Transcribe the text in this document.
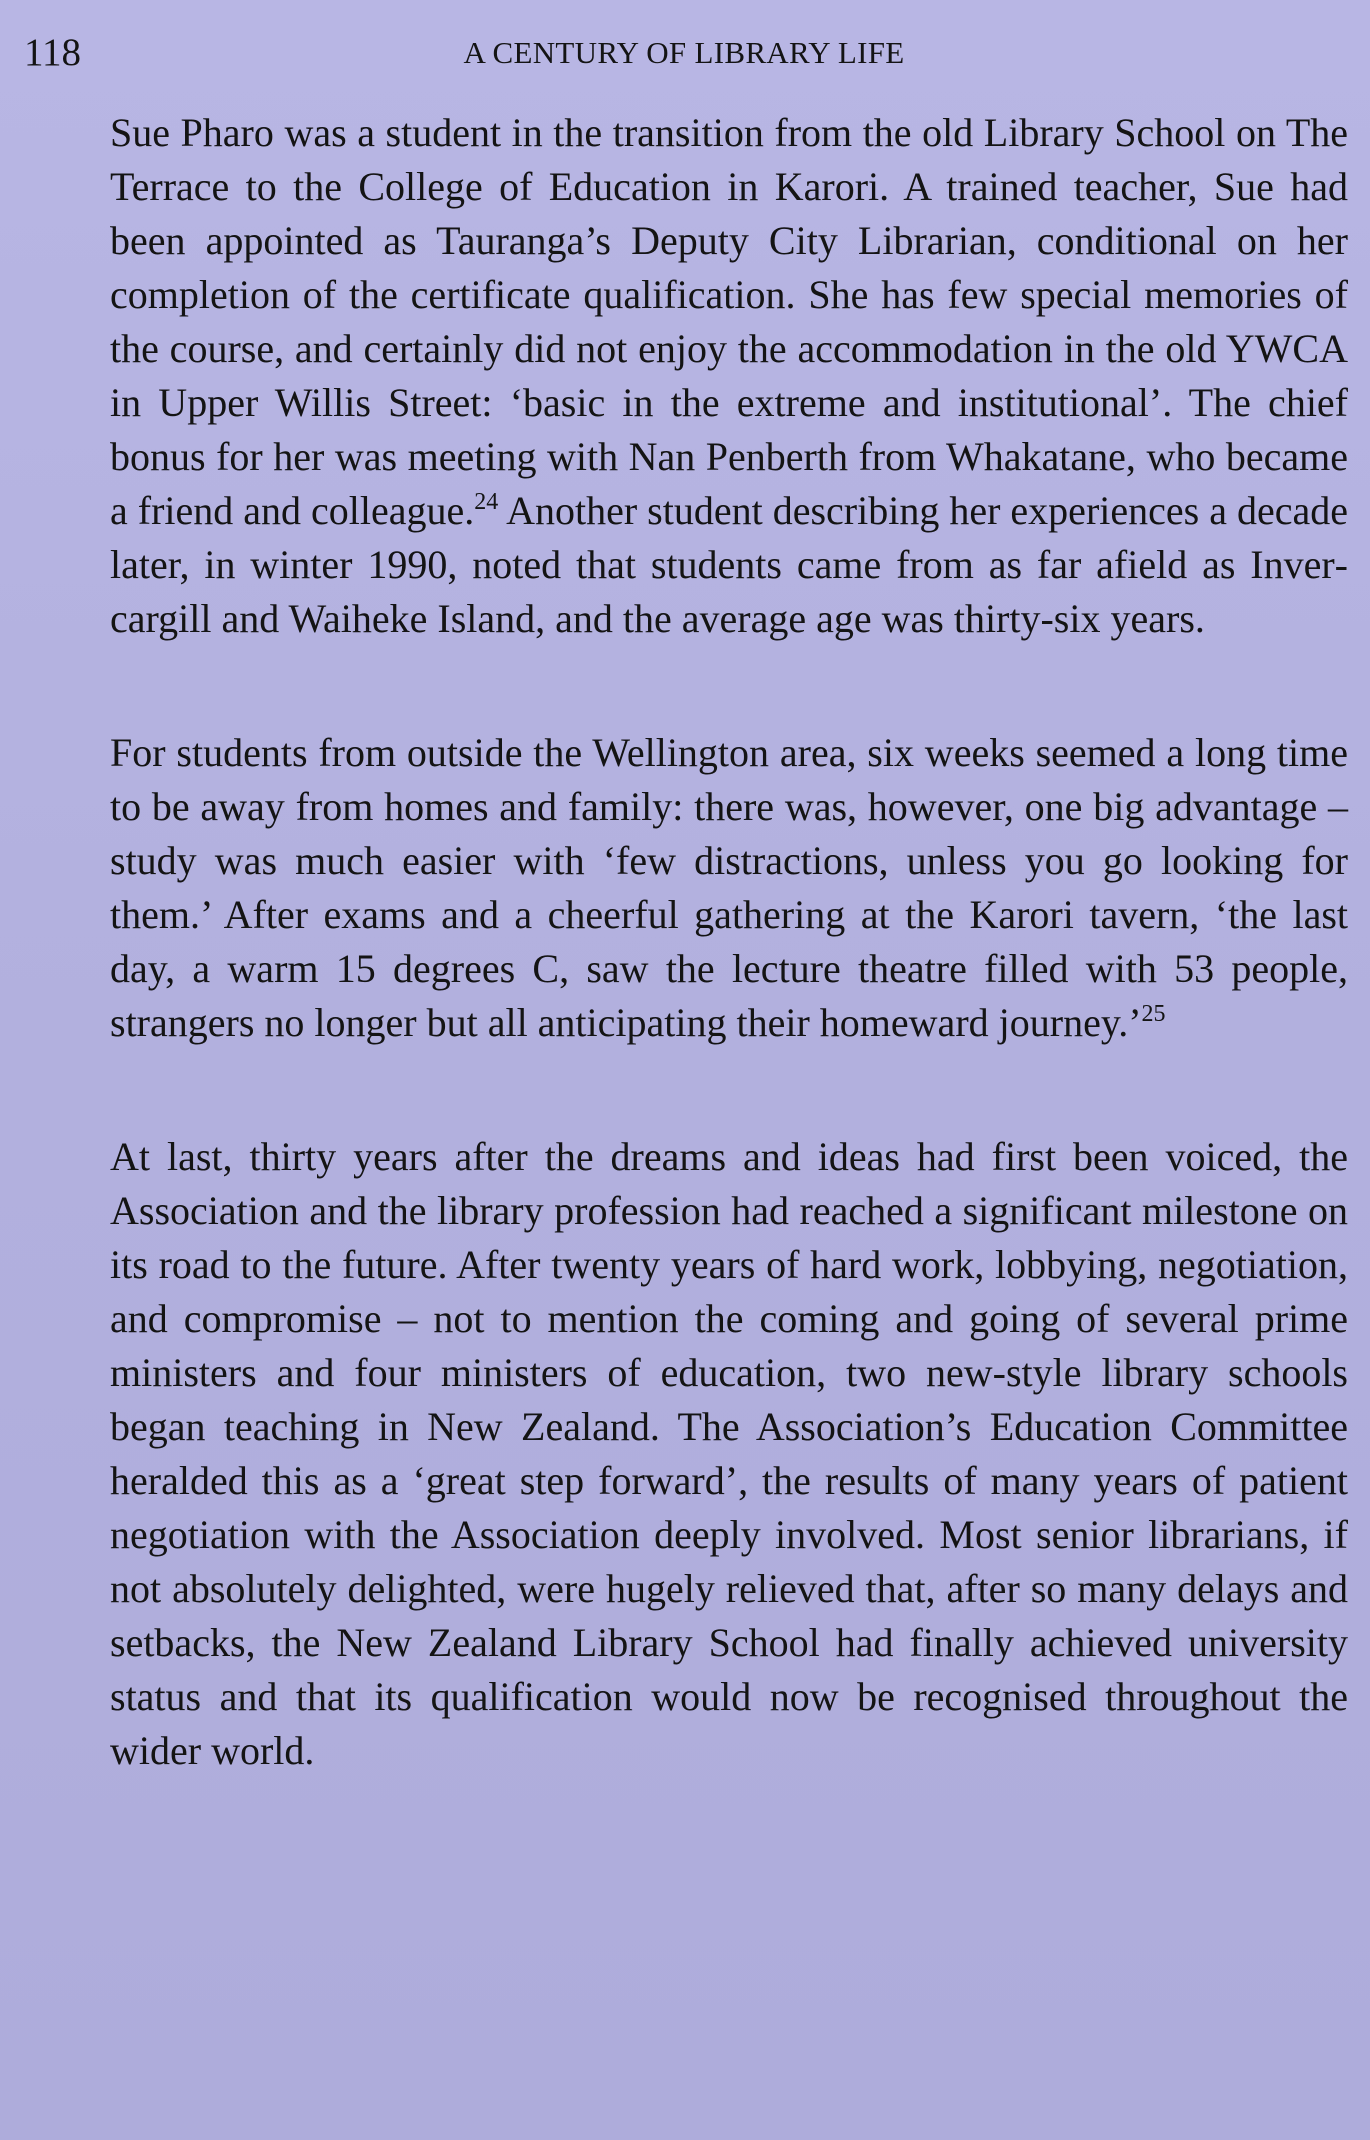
118	A CENTURY OF LIBRARY LIFE

Sue Pharo was a student in the transition from the old Library School on The Terrace to the College of Education in Karori. A trained teacher, Sue had been appointed as Tauranga’s Deputy City Librarian, conditional on her completion of the certificate qualification. She has few special memories of the course, and certainly did not enjoy the accommodation in the old YWCA in Upper Willis Street: ‘basic in the extreme and institutional’. The chief bonus for her was meeting with Nan Penberth from Whakatane, who became a friend and colleague.$^{24}$ Another student describing her experiences a decade later, in winter 1990, noted that students came from as far afield as Invercargill and Waiheke Island, and the average age was thirty-six years.

For students from outside the Wellington area, six weeks seemed a long time to be away from homes and family: there was, however, one big advantage – study was much easier with ‘few distractions, unless you go looking for them.’ After exams and a cheerful gathering at the Karori tavern, ‘the last day, a warm 15 degrees C, saw the lecture theatre filled with 53 people, strangers no longer but all anticipating their homeward journey.’$^{25}$

At last, thirty years after the dreams and ideas had first been voiced, the Association and the library profession had reached a significant milestone on its road to the future. After twenty years of hard work, lobbying, negotiation, and compromise – not to mention the coming and going of several prime ministers and four ministers of education, two new-style library schools began teaching in New Zealand. The Association’s Education Committee heralded this as a ‘great step forward’, the results of many years of patient negotiation with the Association deeply involved. Most senior librarians, if not absolutely delighted, were hugely relieved that, after so many delays and setbacks, the New Zealand Library School had finally achieved university status and that its qualification would now be recognised throughout the wider world.
